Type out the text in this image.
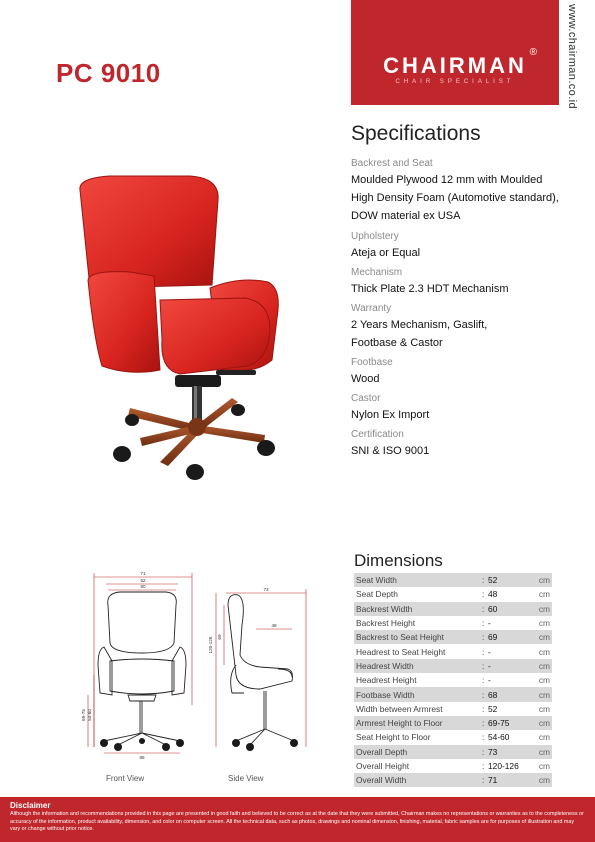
PC 9010	CHAIRMAN
®
CHAIR SPECIALIST	www.chairman.co.id
Specifications
Backrest and Seat
Moulded Plywood 12 mm with Moulded
High Density Foam (Automotive standard),
DOW material ex USA
Upholstery
Ateja or Equal
Mechanism
Thick Plate 2.3 HDT Mechanism
Warranty
2 Years Mechanism, Gaslift,
Footbase & Castor
Footbase
Wood
Castor
Nylon Ex Import
Certification
SNI & ISO 9001
71
52
60
69-75 54-60
68
73
48
120-126 69
Front View	Side View
Dimensions
Seat Width	: 52	cm
Seat Depth	: 48	cm
Backrest Width	: 60	cm
Backrest Height	: -	cm
Backrest to Seat Height	: 69	cm
Headrest to Seat Height	: -	cm
Headrest Width	: -	cm
Headrest Height	: -	cm
Footbase Width	: 68	cm
Width between Armrest	: 52	cm
Armrest Height to Floor	: 69-75	cm
Seat Height to Floor	: 54-60	cm
Overall Depth	: 73	cm
Overall Height	: 120-126	cm
Overall Width	: 71	cm
Disclaimer
Although the information and recommendations provided in this page are presented in good faith and believed to be correct as at the date that they were submitted, Chairman makes no representations or warranties as to the completeness or accuracy of the information, product availability, dimension, and color on computer screen. All the technical data, such as photos, drawings and nominal dimension, finishing, material, fabric samples are for purposes of illustration and may vary or change without prior notice.
